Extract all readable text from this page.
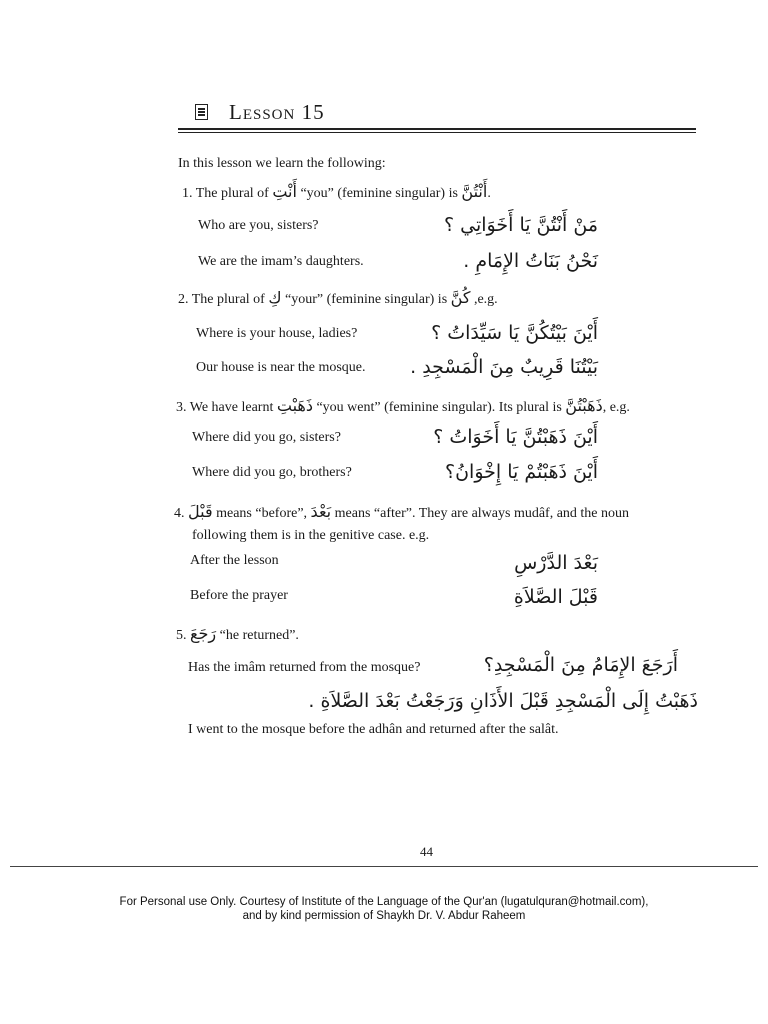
Lesson 15
In this lesson we learn the following:
1. The plural of أَنْتِ “you” (feminine singular) is أَنْتُنَّ.
Who are you, sisters?	مَنْ أَنْتُنَّ يَا أَخَوَاتِي ؟
We are the imam’s daughters.	نَحْنُ بَنَاتُ الإِمَامِ .
2. The plural of كِ “your” (feminine singular) is كُنَّ ,e.g.
Where is your house, ladies?	أَيْنَ بَيْتُكُنَّ يَا سَيِّدَاتُ ؟
Our house is near the mosque. بَيْتُنَا قَرِيبٌ مِنَ الْمَسْجِدِ .
3. We have learnt ذَهَبْتِ “you went” (feminine singular). Its plural is ذَهَبْتُنَّ, e.g.
Where did you go, sisters?	أَيْنَ ذَهَبْتُنَّ يَا أَخَوَاتُ ؟
Where did you go, brothers?	أَيْنَ ذَهَبْتُمْ يَا إِخْوَانُ؟
4. قَبْلَ means “before”, بَعْدَ means “after”. They are always mudâf, and the noun
following them is in the genitive case. e.g.
After the lesson	بَعْدَ الدَّرْسِ
Before the prayer	قَبْلَ الصَّلاَةِ
5. رَجَعَ “he returned”.
Has the imâm returned from the mosque?	أَرَجَعَ الإِمَامُ مِنَ الْمَسْجِدِ؟
ذَهَبْتُ إِلَى الْمَسْجِدِ قَبْلَ الأَذَانِ وَرَجَعْتُ بَعْدَ الصَّلاَةِ .
I went to the mosque before the adhân and returned after the salât.
44
For Personal use Only. Courtesy of Institute of the Language of the Qur'an (lugatulquran@hotmail.com),
and by kind permission of Shaykh Dr. V. Abdur Raheem
